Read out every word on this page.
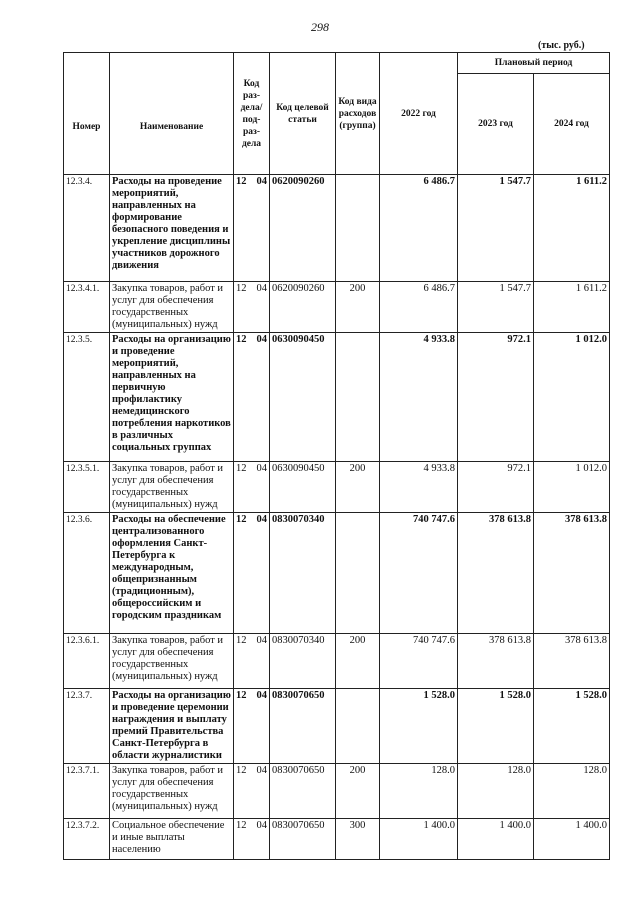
298
(тыс. руб.)
Номер	Наименование	Код раз-дела/ под-раз-дела	Код целевой статьи	Код вида расходов (группа)	2022 год	Плановый период	
						2023 год	2024 год
12.3.4.	Расходы на проведение мероприятий, направленных на формирование безопасного поведения и укрепление дисциплины участников дорожного движения	12 04	0620090260		6 486.7	1 547.7	1 611.2
12.3.4.1.	Закупка товаров, работ и услуг для обеспечения государственных (муниципальных) нужд	12 04	0620090260	200	6 486.7	1 547.7	1 611.2
12.3.5.	Расходы на организацию и проведение мероприятий, направленных на первичную профилактику немедицинского потребления наркотиков в различных социальных группах	12 04	0630090450		4 933.8	972.1	1 012.0
12.3.5.1.	Закупка товаров, работ и услуг для обеспечения государственных (муниципальных) нужд	12 04	0630090450	200	4 933.8	972.1	1 012.0
12.3.6.	Расходы на обеспечение централизованного оформления Санкт-Петербурга к международным, общепризнанным (традиционным), общероссийским и городским праздникам	12 04	0830070340		740 747.6	378 613.8	378 613.8
12.3.6.1.	Закупка товаров, работ и услуг для обеспечения государственных (муниципальных) нужд	12 04	0830070340	200	740 747.6	378 613.8	378 613.8
12.3.7.	Расходы на организацию и проведение церемонии награждения и выплату премий Правительства Санкт-Петербурга в области журналистики	12 04	0830070650		1 528.0	1 528.0	1 528.0
12.3.7.1.	Закупка товаров, работ и услуг для обеспечения государственных (муниципальных) нужд	12 04	0830070650	200	128.0	128.0	128.0
12.3.7.2.	Социальное обеспечение и иные выплаты населению	12 04	0830070650	300	1 400.0	1 400.0	1 400.0
